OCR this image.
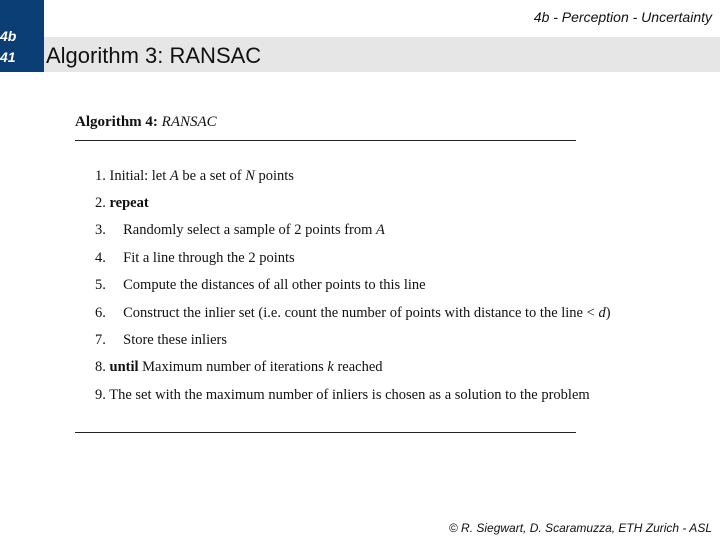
4b - Perception - Uncertainty
4b
41	Algorithm 3: RANSAC
Algorithm 4: RANSAC
1. Initial: let A be a set of N points
2. repeat
3. Randomly select a sample of 2 points from A
4. Fit a line through the 2 points
5. Compute the distances of all other points to this line
6. Construct the inlier set (i.e. count the number of points with distance to the line < d)
7. Store these inliers
8. until Maximum number of iterations k reached
9. The set with the maximum number of inliers is chosen as a solution to the problem
© R. Siegwart, D. Scaramuzza, ETH Zurich - ASL
